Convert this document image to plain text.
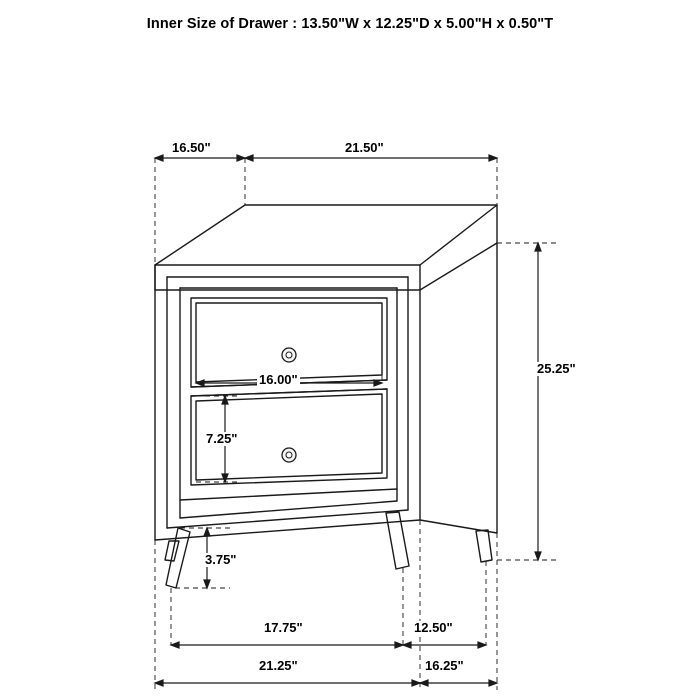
Inner Size of Drawer : 13.50"W x 12.25"D x 5.00"H x 0.50"T
16.50"	21.50"
25.25"
16.00"
7.25"
3.75"
17.75"	12.50"
21.25"	16.25"
